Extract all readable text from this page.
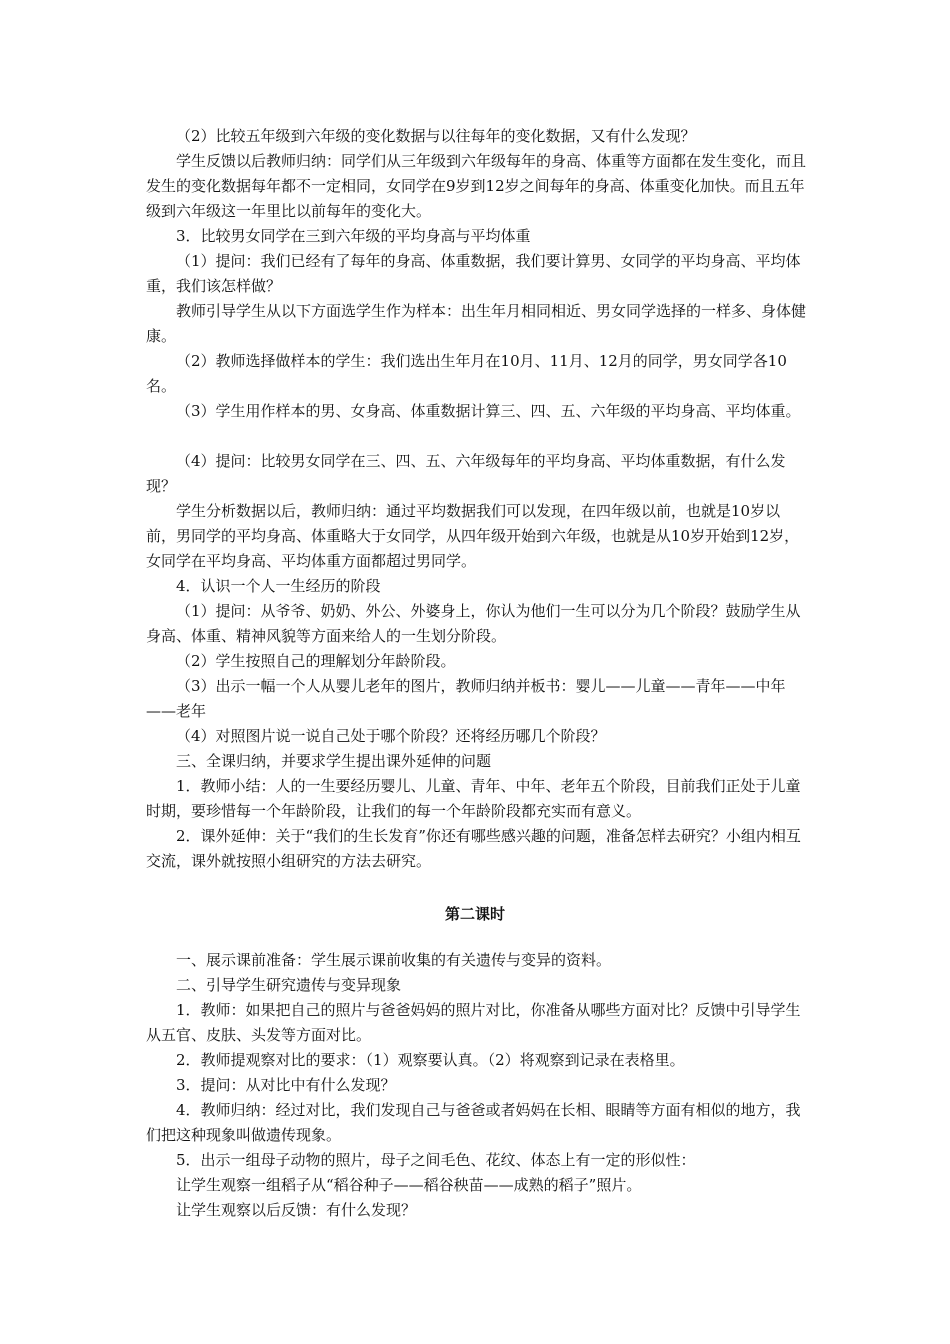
（2）比较五年级到六年级的变化数据与以往每年的变化数据，又有什么发现？

学生反馈以后教师归纳：同学们从三年级到六年级每年的身高、体重等方面都在发生变化，而且发生的变化数据每年都不一定相同，女同学在9岁到12岁之间每年的身高、体重变化加快。而且五年级到六年级这一年里比以前每年的变化大。

3．比较男女同学在三到六年级的平均身高与平均体重

（1）提问：我们已经有了每年的身高、体重数据，我们要计算男、女同学的平均身高、平均体重，我们该怎样做？

教师引导学生从以下方面选学生作为样本：出生年月相同相近、男女同学选择的一样多、身体健康。

（2）教师选择做样本的学生：我们选出生年月在10月、11月、12月的同学，男女同学各10名。

（3）学生用作样本的男、女身高、体重数据计算三、四、五、六年级的平均身高、平均体重。

（4）提问：比较男女同学在三、四、五、六年级每年的平均身高、平均体重数据，有什么发现？

学生分析数据以后，教师归纳：通过平均数据我们可以发现，在四年级以前，也就是10岁以前，男同学的平均身高、体重略大于女同学，从四年级开始到六年级，也就是从10岁开始到12岁，女同学在平均身高、平均体重方面都超过男同学。

4．认识一个人一生经历的阶段

（1）提问：从爷爷、奶奶、外公、外婆身上，你认为他们一生可以分为几个阶段？鼓励学生从身高、体重、精神风貌等方面来给人的一生划分阶段。

（2）学生按照自己的理解划分年龄阶段。

（3）出示一幅一个人从婴儿老年的图片，教师归纳并板书：婴儿——儿童——青年——中年——老年

（4）对照图片说一说自己处于哪个阶段？还将经历哪几个阶段？

三、全课归纳，并要求学生提出课外延伸的问题

1．教师小结：人的一生要经历婴儿、儿童、青年、中年、老年五个阶段，目前我们正处于儿童时期，要珍惜每一个年龄阶段，让我们的每一个年龄阶段都充实而有意义。

2．课外延伸：关于“我们的生长发育”你还有哪些感兴趣的问题，准备怎样去研究？小组内相互交流，课外就按照小组研究的方法去研究。

第二课时

一、展示课前准备：学生展示课前收集的有关遗传与变异的资料。

二、引导学生研究遗传与变异现象

1．教师：如果把自己的照片与爸爸妈妈的照片对比，你准备从哪些方面对比？反馈中引导学生从五官、皮肤、头发等方面对比。

2．教师提观察对比的要求：（1）观察要认真。（2）将观察到记录在表格里。

3．提问：从对比中有什么发现？

4．教师归纳：经过对比，我们发现自己与爸爸或者妈妈在长相、眼睛等方面有相似的地方，我们把这种现象叫做遗传现象。

5．出示一组母子动物的照片，母子之间毛色、花纹、体态上有一定的形似性：

让学生观察一组稻子从“稻谷种子——稻谷秧苗——成熟的稻子”照片。

让学生观察以后反馈：有什么发现？
